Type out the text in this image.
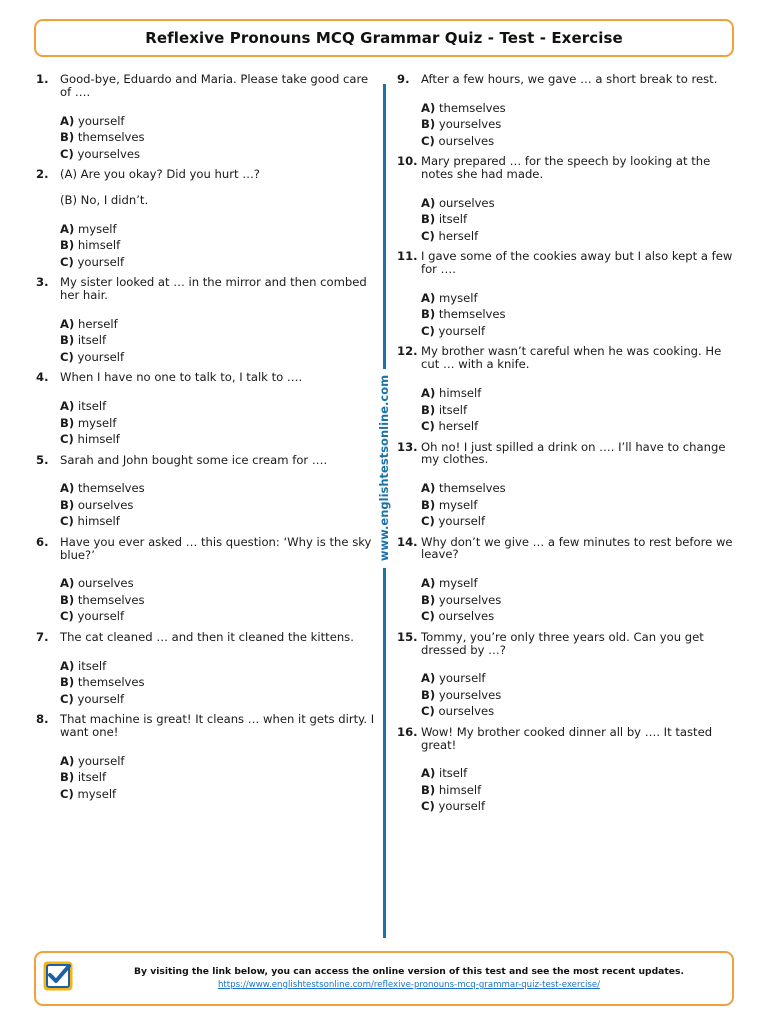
Reflexive Pronouns MCQ Grammar Quiz - Test - Exercise
1. Good-bye, Eduardo and Maria. Please take good care of ….
A) yourself
B) themselves
C) yourselves
2. (A) Are you okay? Did you hurt …?
(B) No, I didn’t.
A) myself
B) himself
C) yourself
3. My sister looked at … in the mirror and then combed her hair.
A) herself
B) itself
C) yourself
4. When I have no one to talk to, I talk to ….
A) itself
B) myself
C) himself
5. Sarah and John bought some ice cream for ….
A) themselves
B) ourselves
C) himself
6. Have you ever asked … this question: ‘Why is the sky blue?’
A) ourselves
B) themselves
C) yourself
7. The cat cleaned … and then it cleaned the kittens.
A) itself
B) themselves
C) yourself
8. That machine is great! It cleans … when it gets dirty. I want one!
A) yourself
B) itself
C) myself
9. After a few hours, we gave … a short break to rest.
A) themselves
B) yourselves
C) ourselves
10. Mary prepared … for the speech by looking at the notes she had made.
A) ourselves
B) itself
C) herself
11. I gave some of the cookies away but I also kept a few for ….
A) myself
B) themselves
C) yourself
12. My brother wasn’t careful when he was cooking. He cut … with a knife.
A) himself
B) itself
C) herself
13. Oh no! I just spilled a drink on …. I’ll have to change my clothes.
A) themselves
B) myself
C) yourself
14. Why don’t we give … a few minutes to rest before we leave?
A) myself
B) yourselves
C) ourselves
15. Tommy, you’re only three years old. Can you get dressed by …?
A) yourself
B) yourselves
C) ourselves
16. Wow! My brother cooked dinner all by …. It tasted great!
A) itself
B) himself
C) yourself
www.englishtestsonline.com
By visiting the link below, you can access the online version of this test and see the most recent updates.
https://www.englishtestsonline.com/reflexive-pronouns-mcq-grammar-quiz-test-exercise/
